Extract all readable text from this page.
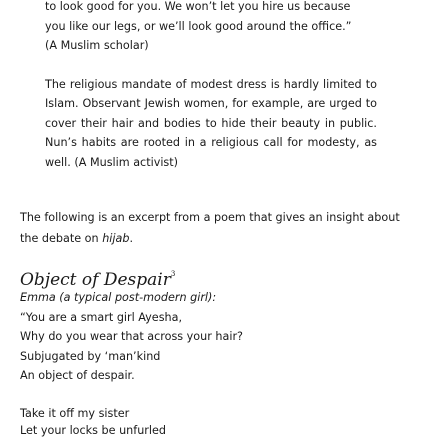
to look good for you. We won’t let you hire us because

you like our legs, or we’ll look good around the office.”

(A Muslim scholar)

The religious mandate of modest dress is hardly limited to Islam. Observant Jewish women, for example, are urged to cover their hair and bodies to hide their beauty in public. Nun’s habits are rooted in a religious call for modesty, as well. (A Muslim activist)

The following is an excerpt from a poem that gives an insight about the debate on hijab.

Object of Despair$^3$
Emma (a typical post-modern girl):
“You are a smart girl Ayesha,
Why do you wear that across your hair?
Subjugated by ‘man’kind
An object of despair.
Take it off my sister
Let your locks be unfurled
